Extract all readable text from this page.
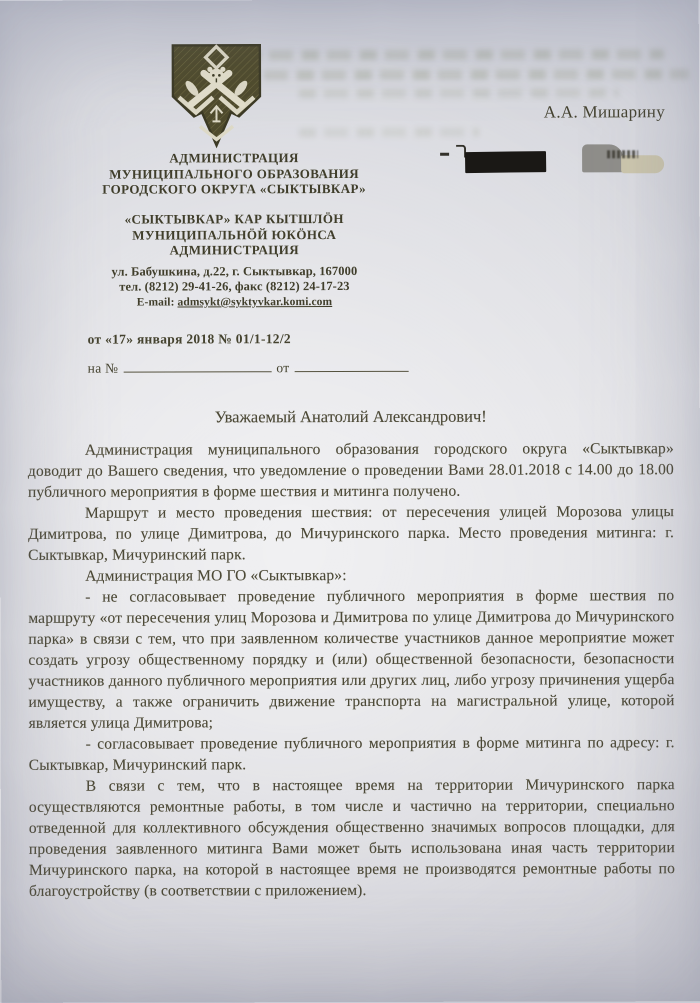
АДМИНИСТРАЦИЯ
МУНИЦИПАЛЬНОГО ОБРАЗОВАНИЯ
ГОРОДСКОГО ОКРУГА «СЫКТЫВКАР»
«СЫКТЫВКАР» КАР КЫТШЛÖН
МУНИЦИПАЛЬНÖЙ ЮКÖНСА
АДМИНИСТРАЦИЯ
ул. Бабушкина, д.22, г. Сыктывкар, 167000
тел. (8212) 29-41-26, факс (8212) 24-17-23
E-mail: admsykt@syktyvkar.komi.com
от «17» января 2018 № 01/1-12/2
на №	от
А.А. Мишарину
Уважаемый Анатолий Александрович!

Администрация муниципального образования городского округа «Сыктывкар» доводит до Вашего сведения, что уведомление о проведении Вами 28.01.2018 с 14.00 до 18.00 публичного мероприятия в форме шествия и митинга получено.

Маршрут и место проведения шествия: от пересечения улицей Морозова улицы Димитрова, по улице Димитрова, до Мичуринского парка. Место проведения митинга: г. Сыктывкар, Мичуринский парк.

Администрация МО ГО «Сыктывкар»:

- не согласовывает проведение публичного мероприятия в форме шествия по маршруту «от пересечения улиц Морозова и Димитрова по улице Димитрова до Мичуринского парка» в связи с тем, что при заявленном количестве участников данное мероприятие может создать угрозу общественному порядку и (или) общественной безопасности, безопасности участников данного публичного мероприятия или других лиц, либо угрозу причинения ущерба имуществу, а также ограничить движение транспорта на магистральной улице, которой является улица Димитрова;

- согласовывает проведение публичного мероприятия в форме митинга по адресу: г. Сыктывкар, Мичуринский парк.

В связи с тем, что в настоящее время на территории Мичуринского парка осуществляются ремонтные работы, в том числе и частично на территории, специально отведенной для коллективного обсуждения общественно значимых вопросов площадки, для проведения заявленного митинга Вами может быть использована иная часть территории Мичуринского парка, на которой в настоящее время не производятся ремонтные работы по благоустройству (в соответствии с приложением).
